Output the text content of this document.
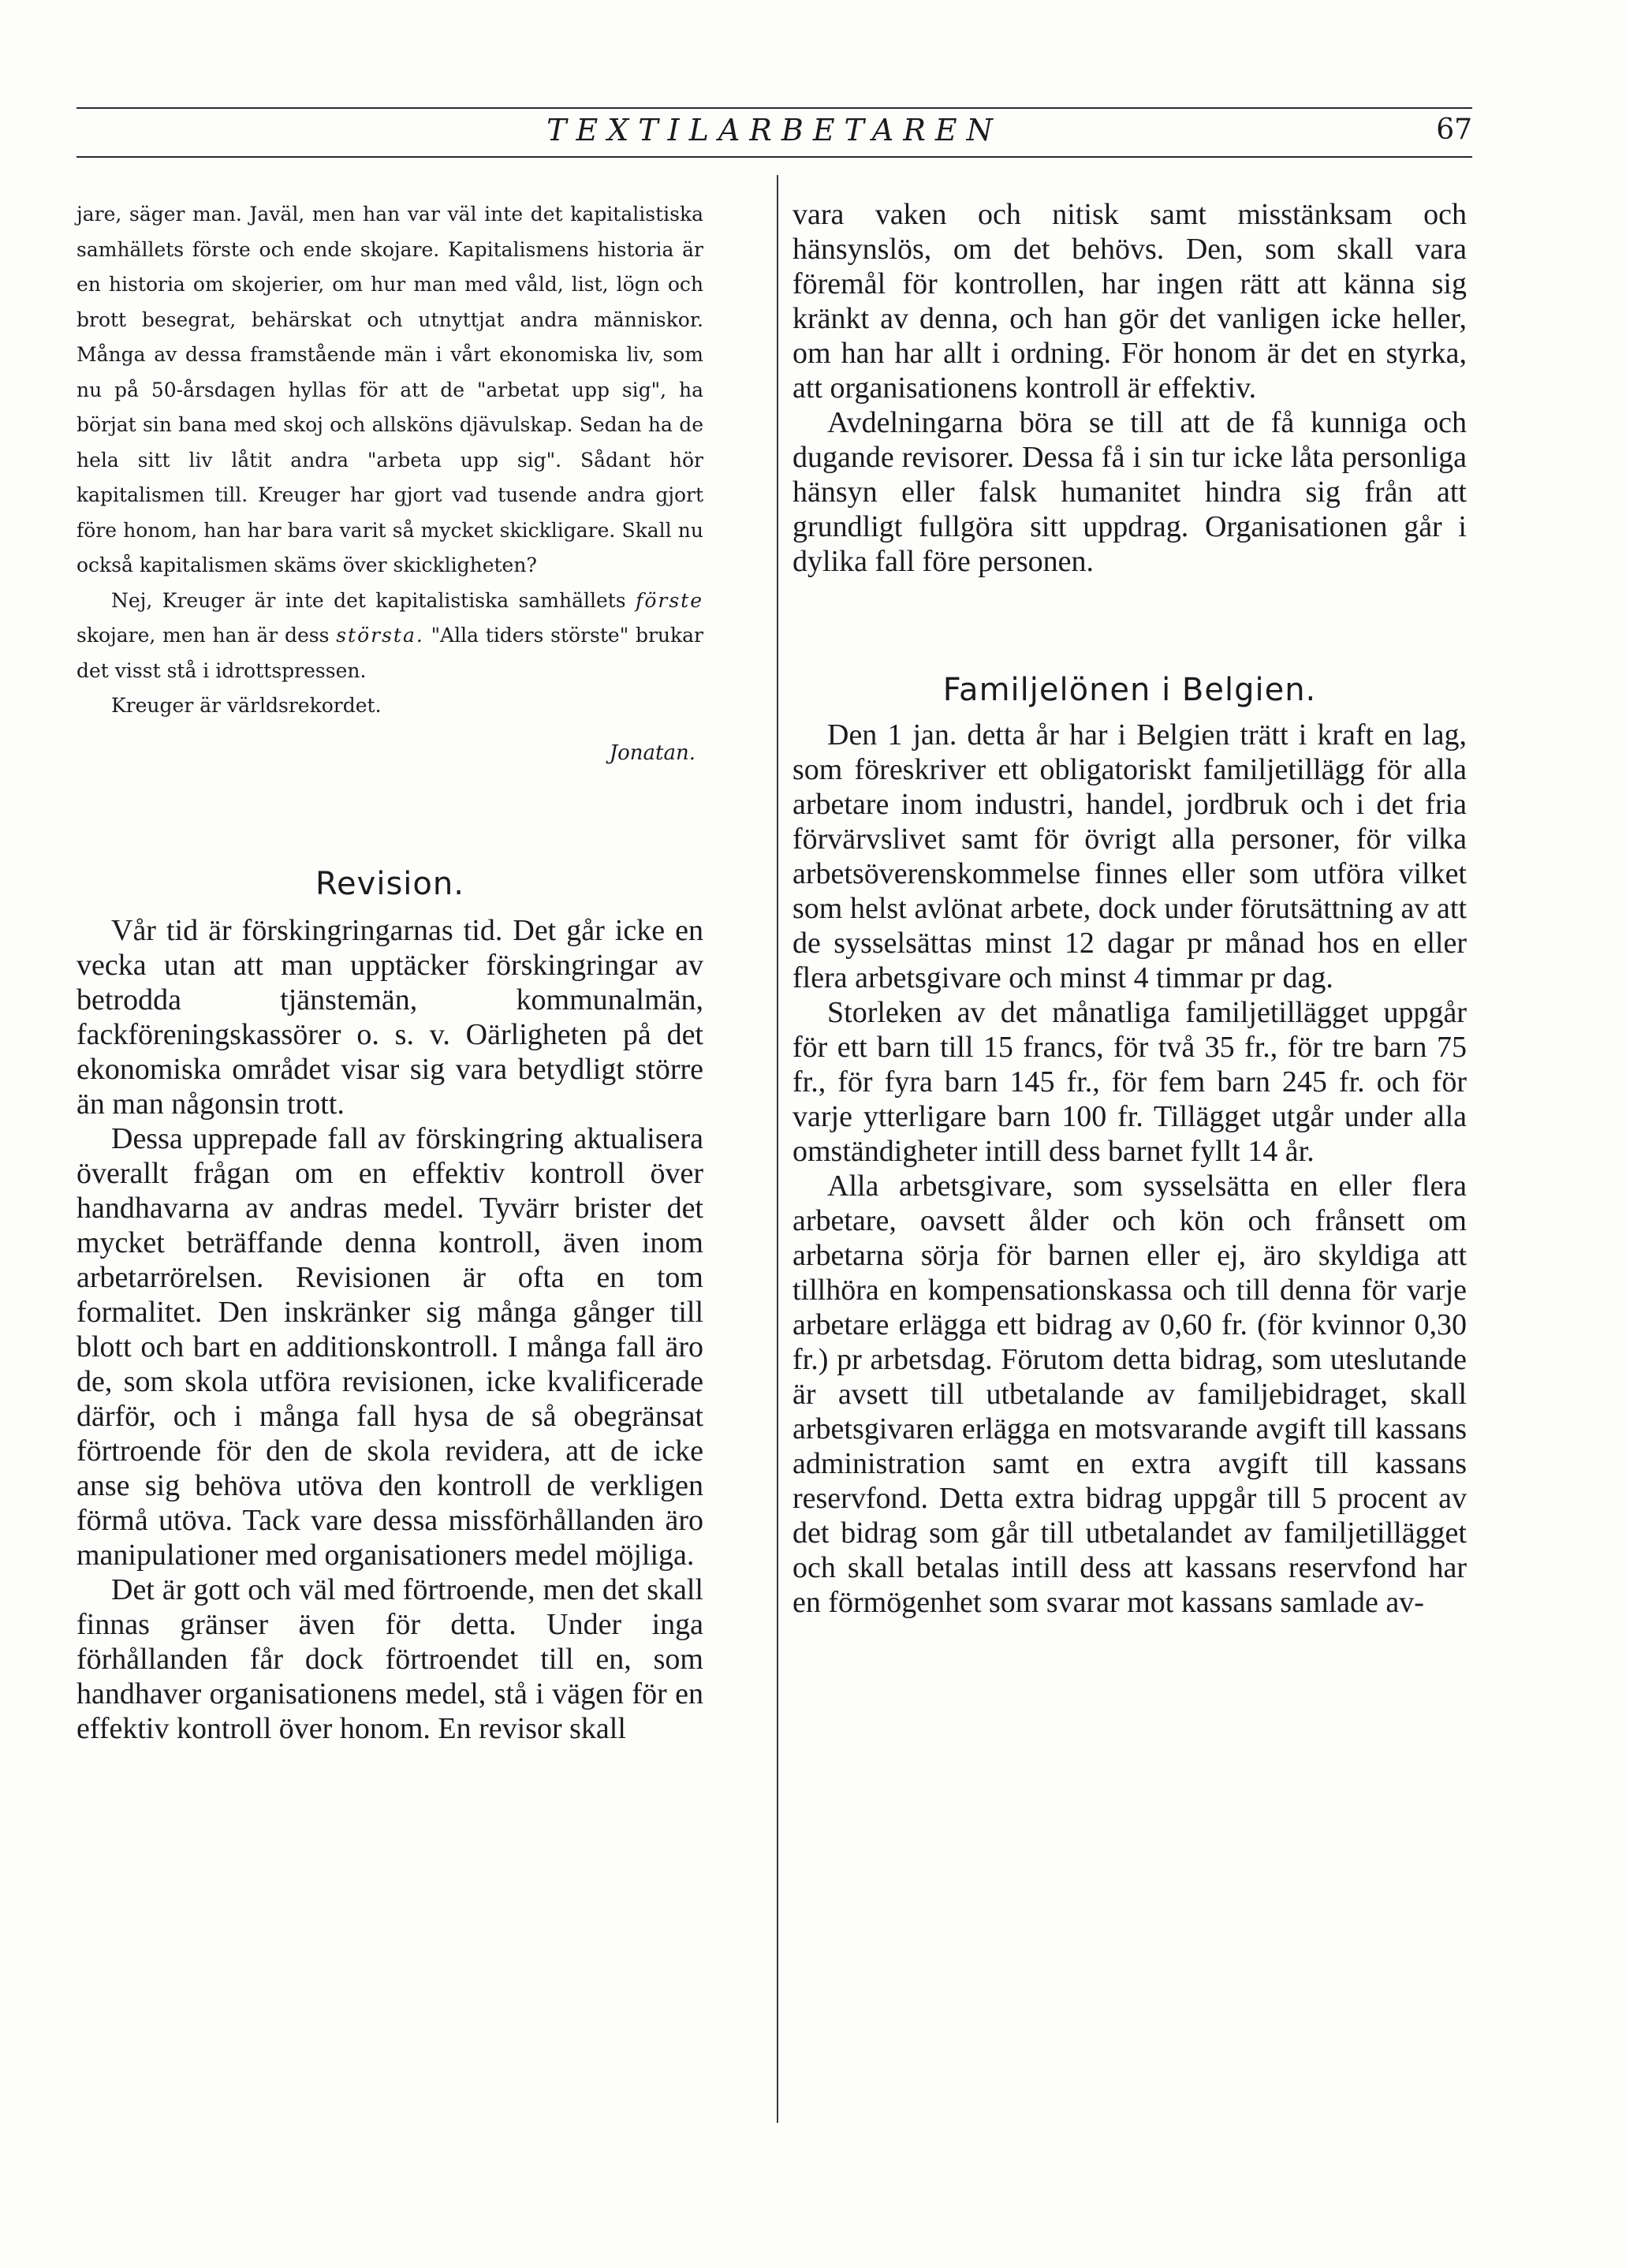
TEXTILARBETAREN	67

jare, säger man. Javäl, men han var väl inte det kapitalistiska samhällets förste och ende skojare. Kapitalismens historia är en historia om skojerier, om hur man med våld, list, lögn och brott besegrat, behärskat och utnyttjat andra människor. Många av dessa framstående män i vårt ekonomiska liv, som nu på 50-årsdagen hyllas för att de "arbetat upp sig", ha börjat sin bana med skoj och allsköns djävulskap. Sedan ha de hela sitt liv låtit andra "arbeta upp sig". Sådant hör kapitalismen till. Kreuger har gjort vad tusende andra gjort före honom, han har bara varit så mycket skickligare. Skall nu också kapitalismen skäms över skickligheten?

Nej, Kreuger är inte det kapitalistiska samhällets förste skojare, men han är dess största. "Alla tiders störste" brukar det visst stå i idrottspressen.

Kreuger är världsrekordet.

Jonatan.

Revision.

Vår tid är förskingringarnas tid. Det går icke en vecka utan att man upptäcker förskingringar av betrodda tjänstemän, kommunalmän, fackföreningskassörer o. s. v. Oärligheten på det ekonomiska området visar sig vara betydligt större än man någonsin trott.

Dessa upprepade fall av förskingring aktualisera överallt frågan om en effektiv kontroll över handhavarna av andras medel. Tyvärr brister det mycket beträffande denna kontroll, även inom arbetarrörelsen. Revisionen är ofta en tom formalitet. Den inskränker sig många gånger till blott och bart en additionskontroll. I många fall äro de, som skola utföra revisionen, icke kvalificerade därför, och i många fall hysa de så obegränsat förtroende för den de skola revidera, att de icke anse sig behöva utöva den kontroll de verkligen förmå utöva. Tack vare dessa missförhållanden äro manipulationer med organisationers medel möjliga.

Det är gott och väl med förtroende, men det skall finnas gränser även för detta. Under inga förhållanden får dock förtroendet till en, som handhaver organisationens medel, stå i vägen för en effektiv kontroll över honom. En revisor skall

vara vaken och nitisk samt misstänksam och hänsynslös, om det behövs. Den, som skall vara föremål för kontrollen, har ingen rätt att känna sig kränkt av denna, och han gör det vanligen icke heller, om han har allt i ordning. För honom är det en styrka, att organisationens kontroll är effektiv.

Avdelningarna böra se till att de få kunniga och dugande revisorer. Dessa få i sin tur icke låta personliga hänsyn eller falsk humanitet hindra sig från att grundligt fullgöra sitt uppdrag. Organisationen går i dylika fall före personen.

Familjelönen i Belgien.

Den 1 jan. detta år har i Belgien trätt i kraft en lag, som föreskriver ett obligatoriskt familjetillägg för alla arbetare inom industri, handel, jordbruk och i det fria förvärvslivet samt för övrigt alla personer, för vilka arbetsöverenskommelse finnes eller som utföra vilket som helst avlönat arbete, dock under förutsättning av att de sysselsättas minst 12 dagar pr månad hos en eller flera arbetsgivare och minst 4 timmar pr dag.

Storleken av det månatliga familjetillägget uppgår för ett barn till 15 francs, för två 35 fr., för tre barn 75 fr., för fyra barn 145 fr., för fem barn 245 fr. och för varje ytterligare barn 100 fr. Tillägget utgår under alla omständigheter intill dess barnet fyllt 14 år.

Alla arbetsgivare, som sysselsätta en eller flera arbetare, oavsett ålder och kön och frånsett om arbetarna sörja för barnen eller ej, äro skyldiga att tillhöra en kompensationskassa och till denna för varje arbetare erlägga ett bidrag av 0,60 fr. (för kvinnor 0,30 fr.) pr arbetsdag. Förutom detta bidrag, som uteslutande är avsett till utbetalande av familjebidraget, skall arbetsgivaren erlägga en motsvarande avgift till kassans administration samt en extra avgift till kassans reservfond. Detta extra bidrag uppgår till 5 procent av det bidrag som går till utbetalandet av familjetillägget och skall betalas intill dess att kassans reservfond har en förmögenhet som svarar mot kassans samlade av-
